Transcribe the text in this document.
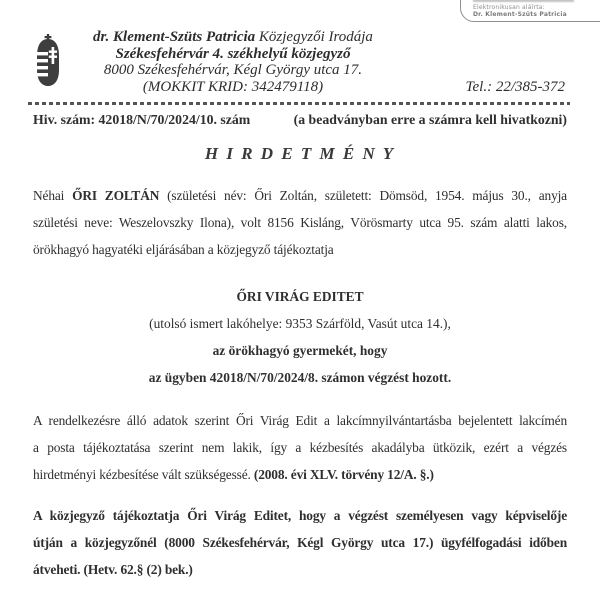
Elektronikusan aláírta:
Dr. Klement-Szüts Patricia
dr. Klement-Szüts Patricia Közjegyzői Irodája
Székesfehérvár 4. székhelyű közjegyző
8000 Székesfehérvár, Kégl György utca 17.
(MOKKIT KRID: 342479118)	Tel.: 22/385-372
Hiv. szám: 42018/N/70/2024/10. szám	(a beadványban erre a számra kell hivatkozni)
H I R D E T M É N Y
Néhai ŐRI ZOLTÁN (születési név: Őri Zoltán, született: Dömsöd, 1954. május 30., anyja
születési neve: Weszelovszky Ilona), volt 8156 Kisláng, Vörösmarty utca 95. szám alatti lakos,
örökhagyó hagyatéki eljárásában a közjegyző tájékoztatja
ŐRI VIRÁG EDITET
(utolsó ismert lakóhelye: 9353 Szárföld, Vasút utca 14.),
az örökhagyó gyermekét, hogy
az ügyben 42018/N/70/2024/8. számon végzést hozott.
A rendelkezésre álló adatok szerint Őri Virág Edit a lakcímnyilvántartásba bejelentett lakcímén
a posta tájékoztatása szerint nem lakik, így a kézbesítés akadályba ütközik, ezért a végzés
hirdetményi kézbesítése vált szükségessé. (2008. évi XLV. törvény 12/A. §.)
A közjegyző tájékoztatja Őri Virág Editet, hogy a végzést személyesen vagy képviselője
útján a közjegyzőnél (8000 Székesfehérvár, Kégl György utca 17.) ügyfélfogadási időben
átveheti. (Hetv. 62.§ (2) bek.)
